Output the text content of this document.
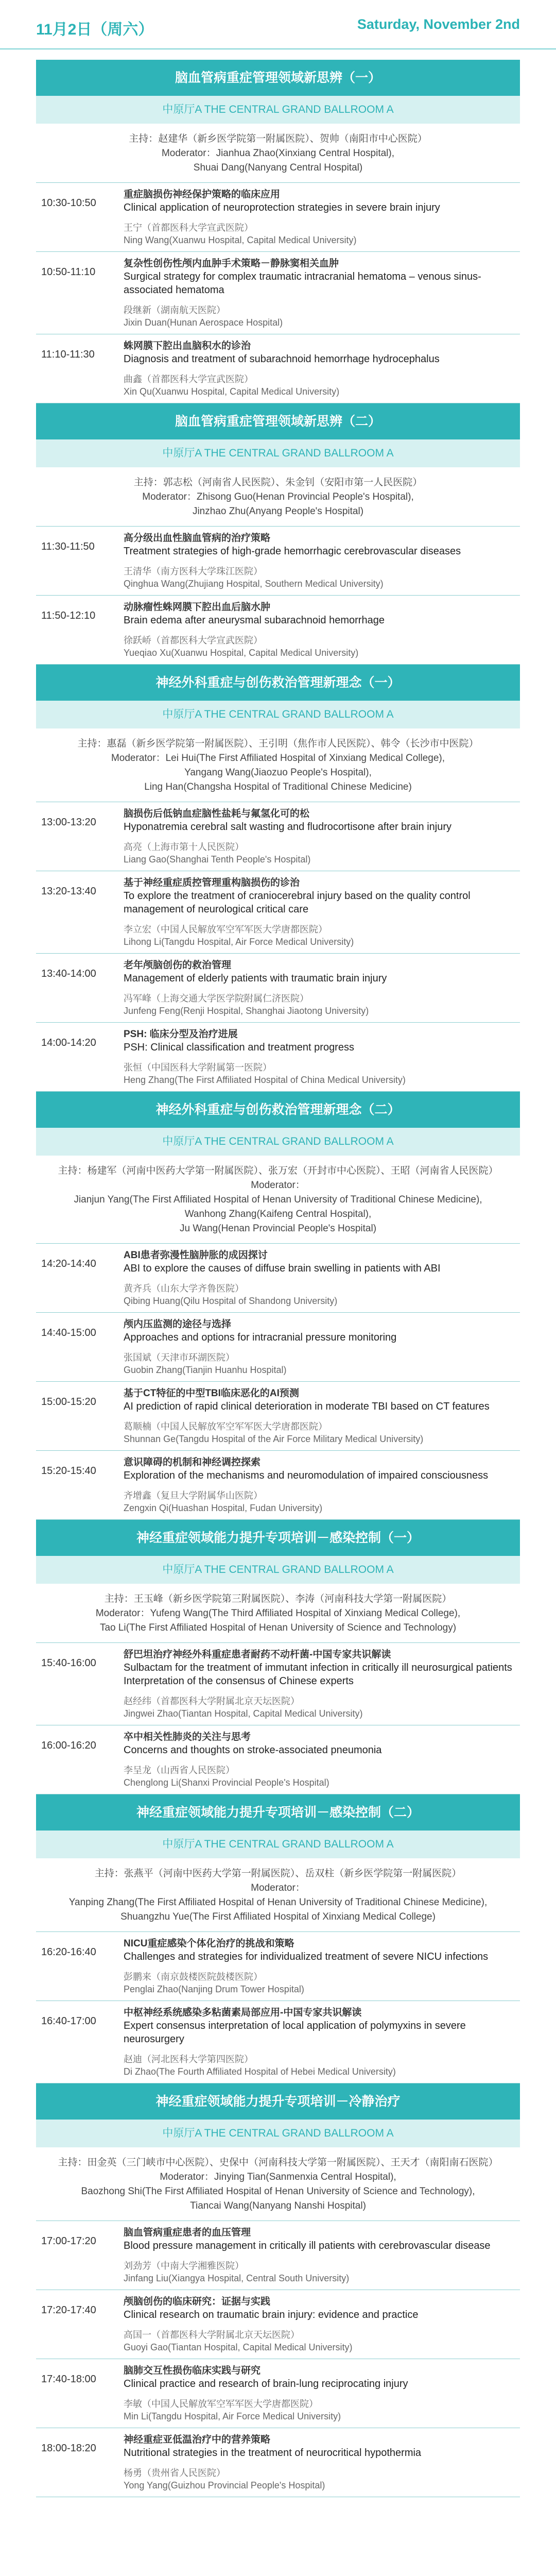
11月2日（周六）	Saturday, November 2nd
脑血管病重症管理领域新思辨（一）
中原厅A THE CENTRAL GRAND BALLROOM A
主持：赵建华（新乡医学院第一附属医院）、贺帅（南阳市中心医院）
Moderator：Jianhua Zhao(Xinxiang Central Hospital),
Shuai Dang(Nanyang Central Hospital)
10:30-10:50
重症脑损伤神经保护策略的临床应用
Clinical application of neuroprotection strategies in severe brain injury
王宁（首都医科大学宣武医院）
Ning Wang(Xuanwu Hospital, Capital Medical University)
10:50-11:10
复杂性创伤性颅内血肿手术策略－静脉窦相关血肿
Surgical strategy for complex traumatic intracranial hematoma – venous sinus-associated hematoma
段继新（湖南航天医院）
Jixin Duan(Hunan Aerospace Hospital)
11:10-11:30
蛛网膜下腔出血脑积水的诊治
Diagnosis and treatment of subarachnoid hemorrhage hydrocephalus
曲鑫（首都医科大学宣武医院）
Xin Qu(Xuanwu Hospital, Capital Medical University)
脑血管病重症管理领域新思辨（二）
中原厅A THE CENTRAL GRAND BALLROOM A
主持：郭志松（河南省人民医院）、朱金钊（安阳市第一人民医院）
Moderator：Zhisong Guo(Henan Provincial People's Hospital),
Jinzhao Zhu(Anyang People's Hospital)
11:30-11:50
高分级出血性脑血管病的治疗策略
Treatment strategies of high-grade hemorrhagic cerebrovascular diseases
王清华（南方医科大学珠江医院）
Qinghua Wang(Zhujiang Hospital, Southern Medical University)
11:50-12:10
动脉瘤性蛛网膜下腔出血后脑水肿
Brain edema after aneurysmal subarachnoid hemorrhage
徐跃峤（首都医科大学宣武医院）
Yueqiao Xu(Xuanwu Hospital, Capital Medical University)
神经外科重症与创伤救治管理新理念（一）
中原厅A THE CENTRAL GRAND BALLROOM A
主持：惠磊（新乡医学院第一附属医院）、王引明（焦作市人民医院）、韩令（长沙市中医院）
Moderator：Lei Hui(The First Affiliated Hospital of Xinxiang Medical College),
Yangang Wang(Jiaozuo People's Hospital),
Ling Han(Changsha Hospital of Traditional Chinese Medicine)
13:00-13:20
脑损伤后低钠血症脑性盐耗与氟氢化可的松
Hyponatremia cerebral salt wasting and fludrocortisone after brain injury
高亮（上海市第十人民医院）
Liang Gao(Shanghai Tenth People's Hospital)
13:20-13:40
基于神经重症质控管理重构脑损伤的诊治
To explore the treatment of craniocerebral injury based on the quality control management of neurological critical care
李立宏（中国人民解放军空军军医大学唐都医院）
Lihong Li(Tangdu Hospital, Air Force Medical University)
13:40-14:00
老年颅脑创伤的救治管理
Management of elderly patients with traumatic brain injury
冯军峰（上海交通大学医学院附属仁济医院）
Junfeng Feng(Renji Hospital, Shanghai Jiaotong University)
14:00-14:20
PSH: 临床分型及治疗进展
PSH: Clinical classification and treatment progress
张恒（中国医科大学附属第一医院）
Heng Zhang(The First Affiliated Hospital of China Medical University)
神经外科重症与创伤救治管理新理念（二）
中原厅A THE CENTRAL GRAND BALLROOM A
主持：杨建军（河南中医药大学第一附属医院）、张万宏（开封市中心医院）、王昭（河南省人民医院）
Moderator：
Jianjun Yang(The First Affiliated Hospital of Henan University of Traditional Chinese Medicine),
Wanhong Zhang(Kaifeng Central Hospital),
Ju Wang(Henan Provincial People's Hospital)
14:20-14:40
ABI患者弥漫性脑肿胀的成因探讨
ABI to explore the causes of diffuse brain swelling in patients with ABI
黄齐兵（山东大学齐鲁医院）
Qibing Huang(Qilu Hospital of Shandong University)
14:40-15:00
颅内压监测的途径与选择
Approaches and options for intracranial pressure monitoring
张国斌（天津市环湖医院）
Guobin Zhang(Tianjin Huanhu Hospital)
15:00-15:20
基于CT特征的中型TBI临床恶化的AI预测
AI prediction of rapid clinical deterioration in moderate TBI based on CT features
葛顺楠（中国人民解放军空军军医大学唐都医院）
Shunnan Ge(Tangdu Hospital of the Air Force Military Medical University)
15:20-15:40
意识障碍的机制和神经调控探索
Exploration of the mechanisms and neuromodulation of impaired consciousness
齐增鑫（复旦大学附属华山医院）
Zengxin Qi(Huashan Hospital, Fudan University)
神经重症领域能力提升专项培训－感染控制（一）
中原厅A THE CENTRAL GRAND BALLROOM A
主持：王玉峰（新乡医学院第三附属医院）、李涛（河南科技大学第一附属医院）
Moderator：Yufeng Wang(The Third Affiliated Hospital of Xinxiang Medical College),
Tao Li(The First Affiliated Hospital of Henan University of Science and Technology)
15:40-16:00
舒巴坦治疗神经外科重症患者耐药不动杆菌-中国专家共识解读
Sulbactam for the treatment of immutant infection in critically ill neurosurgical patients Interpretation of the consensus of Chinese experts
赵经纬（首都医科大学附属北京天坛医院）
Jingwei Zhao(Tiantan Hospital, Capital Medical University)
16:00-16:20
卒中相关性肺炎的关注与思考
Concerns and thoughts on stroke-associated pneumonia
李呈龙（山西省人民医院）
Chenglong Li(Shanxi Provincial People's Hospital)
神经重症领域能力提升专项培训－感染控制（二）
中原厅A THE CENTRAL GRAND BALLROOM A
主持：张燕平（河南中医药大学第一附属医院）、岳双柱（新乡医学院第一附属医院）
Moderator：
Yanping Zhang(The First Affiliated Hospital of Henan University of Traditional Chinese Medicine),
Shuangzhu Yue(The First Affiliated Hospital of Xinxiang Medical College)
16:20-16:40
NICU重症感染个体化治疗的挑战和策略
Challenges and strategies for individualized treatment of severe NICU infections
彭鹏来（南京鼓楼医院鼓楼医院）
Penglai Zhao(Nanjing Drum Tower Hospital)
16:40-17:00
中枢神经系统感染多粘菌素局部应用-中国专家共识解读
Expert consensus interpretation of local application of polymyxins in severe neurosurgery
赵迪（河北医科大学第四医院）
Di Zhao(The Fourth Affiliated Hospital of Hebei Medical University)
神经重症领域能力提升专项培训－冷静治疗
中原厅A THE CENTRAL GRAND BALLROOM A
主持：田金英（三门峡市中心医院）、史保中（河南科技大学第一附属医院）、王天才（南阳南石医院）
Moderator：Jinying Tian(Sanmenxia Central Hospital),
Baozhong Shi(The First Affiliated Hospital of Henan University of Science and Technology),
Tiancai Wang(Nanyang Nanshi Hospital)
17:00-17:20
脑血管病重症患者的血压管理
Blood pressure management in critically ill patients with cerebrovascular disease
刘劲芳（中南大学湘雅医院）
Jinfang Liu(Xiangya Hospital, Central South University)
17:20-17:40
颅脑创伤的临床研究：证据与实践
Clinical research on traumatic brain injury: evidence and practice
高国一（首都医科大学附属北京天坛医院）
Guoyi Gao(Tiantan Hospital, Capital Medical University)
17:40-18:00
脑肺交互性损伤临床实践与研究
Clinical practice and research of brain-lung reciprocating injury
李敏（中国人民解放军空军军医大学唐都医院）
Min Li(Tangdu Hospital, Air Force Medical University)
18:00-18:20
神经重症亚低温治疗中的营养策略
Nutritional strategies in the treatment of neurocritical hypothermia
杨勇（贵州省人民医院）
Yong Yang(Guizhou Provincial People's Hospital)
